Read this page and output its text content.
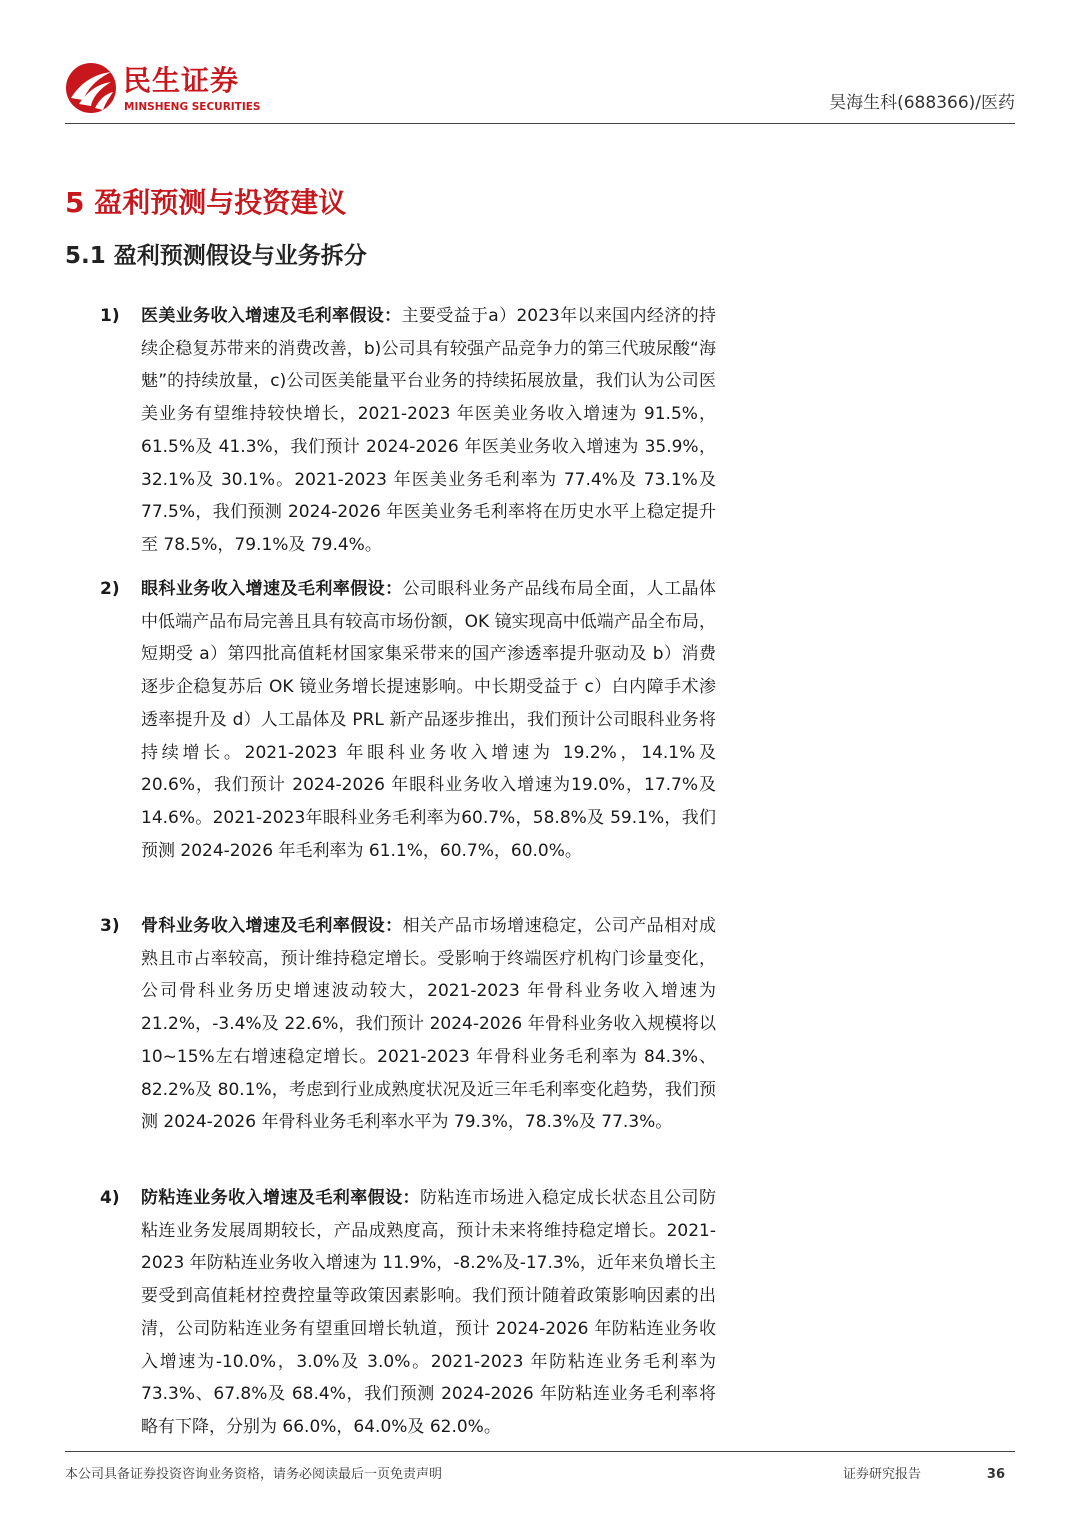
民生证券
MINSHENG SECURITIES	昊海生科(688366)/医药
5 盈利预测与投资建议
5.1 盈利预测假设与业务拆分
1) 医美业务收入增速及毛利率假设：主要受益于a）2023年以来国内经济的持续企稳复苏带来的消费改善，b)公司具有较强产品竞争力的第三代玻尿酸“海魅”的持续放量，c)公司医美能量平台业务的持续拓展放量，我们认为公司医美业务有望维持较快增长，2021-2023 年医美业务收入增速为 91.5%，61.5%及 41.3%，我们预计 2024-2026 年医美业务收入增速为 35.9%，32.1%及 30.1%。2021-2023 年医美业务毛利率为 77.4%及 73.1%及 77.5%，我们预测 2024-2026 年医美业务毛利率将在历史水平上稳定提升至 78.5%，79.1%及 79.4%。
2) 眼科业务收入增速及毛利率假设：公司眼科业务产品线布局全面，人工晶体中低端产品布局完善且具有较高市场份额，OK 镜实现高中低端产品全布局，短期受 a）第四批高值耗材国家集采带来的国产渗透率提升驱动及 b）消费逐步企稳复苏后 OK 镜业务增长提速影响。中长期受益于 c）白内障手术渗透率提升及 d）人工晶体及 PRL 新产品逐步推出，我们预计公司眼科业务将持续增长。2021-2023 年眼科业务收入增速为 19.2%，14.1%及 20.6%，我们预计 2024-2026 年眼科业务收入增速为19.0%，17.7%及14.6%。2021-2023年眼科业务毛利率为60.7%，58.8%及 59.1%，我们预测 2024-2026 年毛利率为 61.1%，60.7%，60.0%。
3) 骨科业务收入增速及毛利率假设：相关产品市场增速稳定，公司产品相对成熟且市占率较高，预计维持稳定增长。受影响于终端医疗机构门诊量变化，公司骨科业务历史增速波动较大，2021-2023 年骨科业务收入增速为 21.2%，-3.4%及 22.6%，我们预计 2024-2026 年骨科业务收入规模将以 10~15%左右增速稳定增长。2021-2023 年骨科业务毛利率为 84.3%、82.2%及 80.1%，考虑到行业成熟度状况及近三年毛利率变化趋势，我们预测 2024-2026 年骨科业务毛利率水平为 79.3%，78.3%及 77.3%。
4) 防粘连业务收入增速及毛利率假设：防粘连市场进入稳定成长状态且公司防粘连业务发展周期较长，产品成熟度高，预计未来将维持稳定增长。2021-2023 年防粘连业务收入增速为 11.9%，-8.2%及-17.3%，近年来负增长主要受到高值耗材控费控量等政策因素影响。我们预计随着政策影响因素的出清，公司防粘连业务有望重回增长轨道，预计 2024-2026 年防粘连业务收入增速为-10.0%，3.0%及 3.0%。2021-2023 年防粘连业务毛利率为 73.3%、67.8%及 68.4%，我们预测 2024-2026 年防粘连业务毛利率将略有下降，分别为 66.0%，64.0%及 62.0%。
本公司具备证券投资咨询业务资格，请务必阅读最后一页免责声明	证券研究报告	36
